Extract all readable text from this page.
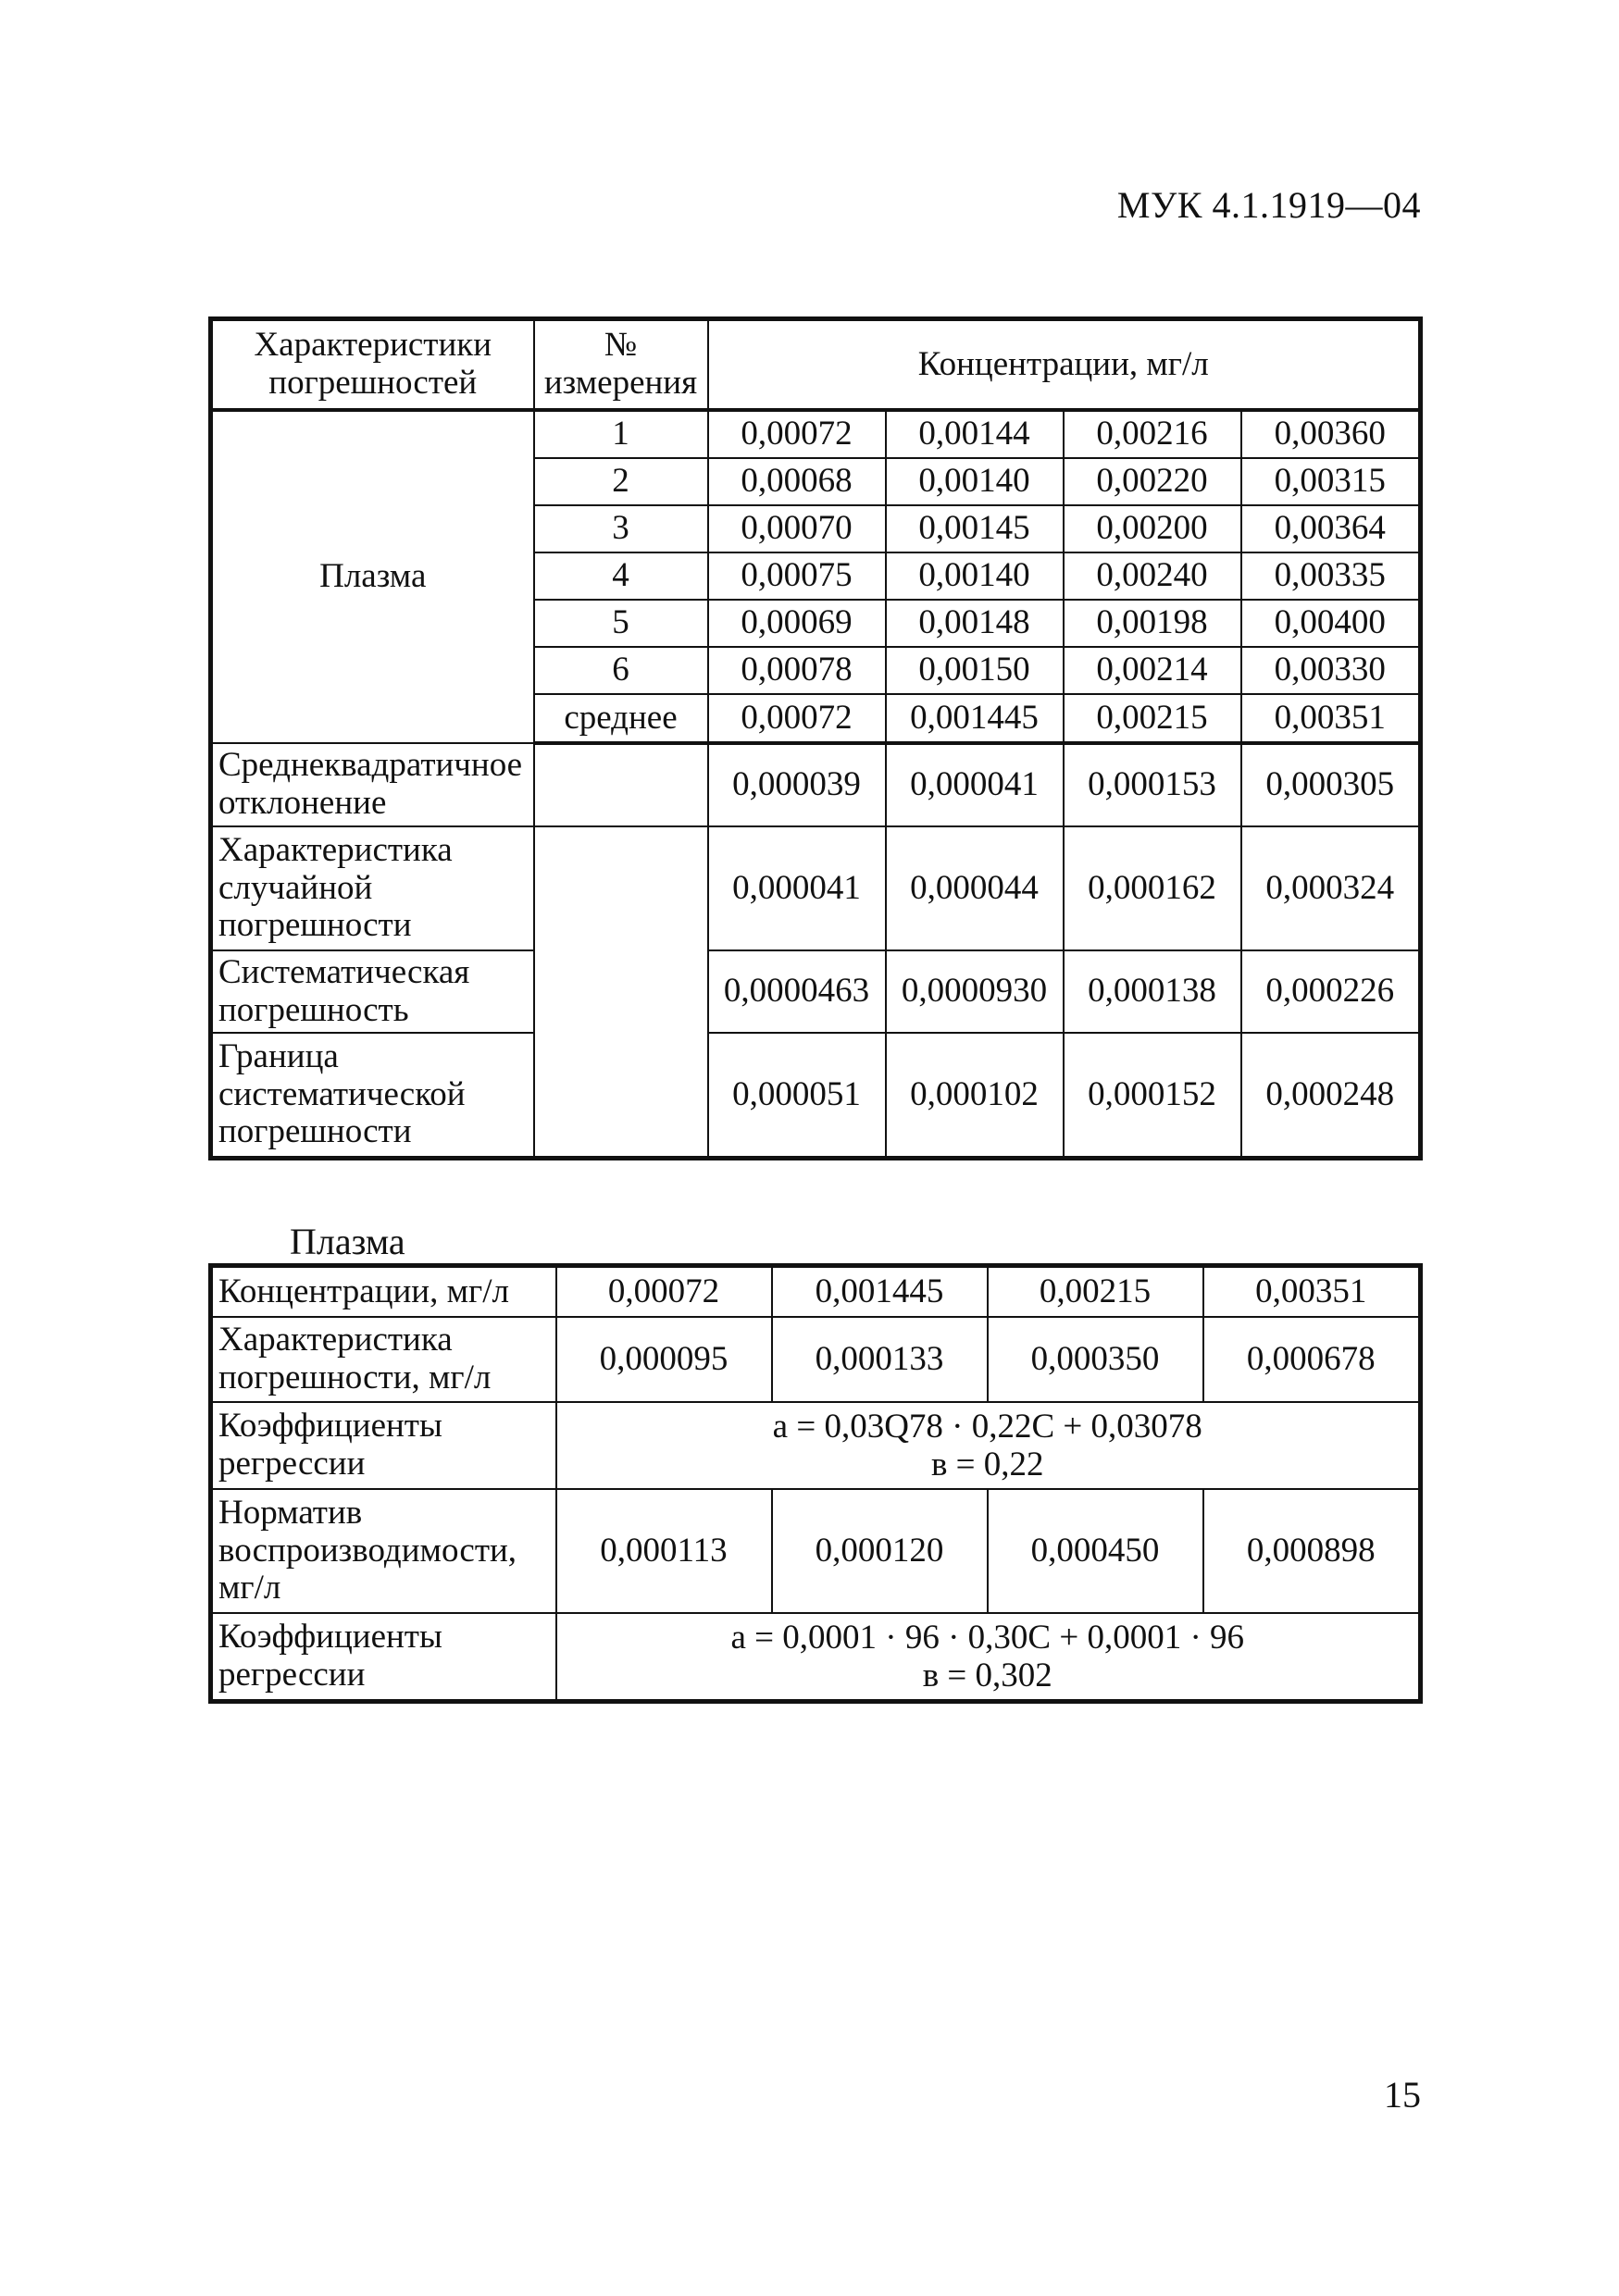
МУК 4.1.1919—04
Характеристики погрешностей	№ измерения	Концентрации, мг/л			
Плазма	1	0,00072	0,00144	0,00216	0,00360
	2	0,00068	0,00140	0,00220	0,00315
	3	0,00070	0,00145	0,00200	0,00364
	4	0,00075	0,00140	0,00240	0,00335
	5	0,00069	0,00148	0,00198	0,00400
	6	0,00078	0,00150	0,00214	0,00330
	среднее	0,00072	0,001445	0,00215	0,00351
Среднеквадратичное отклонение		0,000039	0,000041	0,000153	0,000305
Характеристика случайной погрешности		0,000041	0,000044	0,000162	0,000324
Систематическая погрешность		0,0000463	0,0000930	0,000138	0,000226
Граница систематической погрешности		0,000051	0,000102	0,000152	0,000248
Плазма
Концентрации, мг/л	0,00072	0,001445	0,00215	0,00351
Характеристика погрешности, мг/л	0,000095	0,000133	0,000350	0,000678
Коэффициенты регрессии	а = 0,03Q78 · 0,22С + 0,03078
в = 0,22			

Норматив воспроизводимости, мг/л	0,000113	0,000120	0,000450	0,000898
Коэффициенты регрессии	а = 0,0001 · 96 · 0,30С + 0,0001 · 96
в = 0,302			
15
